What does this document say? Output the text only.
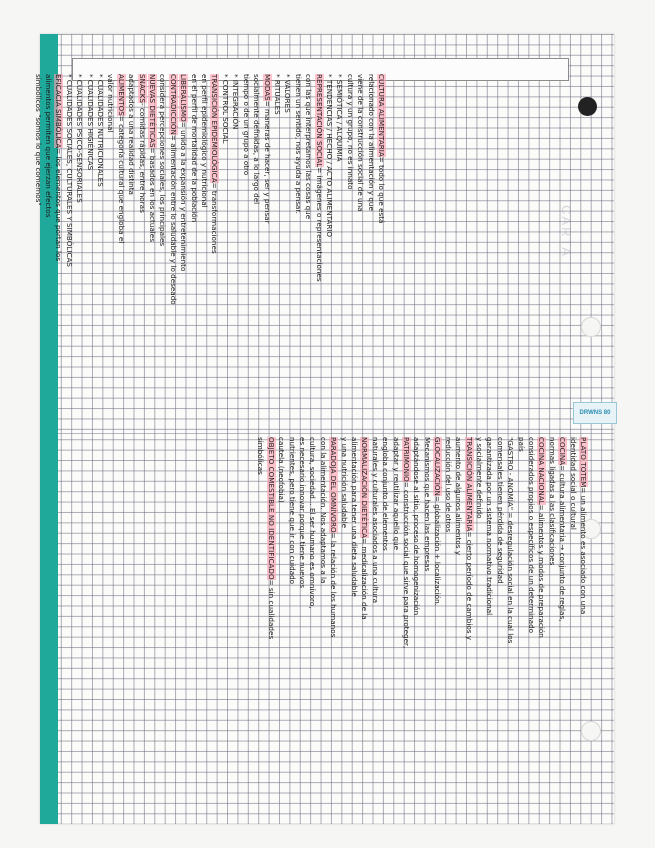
DRWNS 80
CARTA
PLATO TOTEM= un alimento es asociado con una
identidad social o cultural
COCINA= cultura alimentaria → conjunto de reglas,
normas ligadas a las clasificaciones
COCINA NACIONAL= alimentos y modos de preparación
considerados propios o específicos de un determinado
país
"GASTRO - ANOMÍA" = desregulación social en la cual los
comensales tienen pérdida de seguridad
garantizada por un sistema normativo tradicional
y socialmente definido
TRANSICIÓN ALIMENTARIA= cierto período de cambios y
aumento de algunos alimentos y
reducción del uso de otros
GLOCALIZACIÓN= globalización + localización.
Mecanismos que hacen las empresas
adaptándose al sitio, proceso de homogenización
PATRIMONIO= construcción social que sirve para proteger,
adaptar y reutilizar aquello que
engloba conjunto de elementos
naturales y culturales asociados a una cultura
NORMALIZACIÓN DIETÉTICA= medicalización de la
alimentación para tener una dieta saludable
y una nutrición saludable
PARADOJA DEL OMNÍVORO= la relación de los humanos
con la alimentación. Nos adaptamos a la
cultura, sociedad... El ser humano es omnívoro,
es necesario innovar porque tiene nuevos
nutrientes, pero tiene que ir con cuidado
cautela (neofobia)
OBJETO COMESTIBLE NO IDENTIFICADO= sin cualidades
simbólicas
CULTURA ALIMENTARIA= todo lo que está
relacionado con la alimentación y que
viene de la construcción social de una
cultura y un grupo, no es innato
* SEMIÓTICA / ALQUIMIA
* TENDENCIAS / HECHO / ACTO ALIMENTARIO
REPRESENTACIÓN SOCIAL= imágenes o representaciones
con las que interpretamos las cosas que
tienen un sentido, nos ayuda a pensar.
* VALORES
* RITUALES
MODAS= maneras de hacer, ser y pensar
socialmente definidas, a lo largo del
tiempo o de un grupo a otro
* INTEGRACIÓN
* CONTROL SOCIAL
TRANSICIÓN EPIDEMIOLÓGICA= transformaciones
en perfil epidemiológico y nutricional
en el perfil de mortalidad de la población
LIBERALISMO= unido a la expansión y entretenimiento
CONTRADICCIÓN= alimentación entre lo saludable y lo deseado
considera percepciones sociales, los principales
NUEVAS DIETÉTICAS= basados en los actuales
SNACKS- comidas rápidas, entre horas
adaptados a una realidad distinta
ALIMENTOS= categoría cultural que engloba el
valor nutricional
* CUALIDADES NUTRICIONALES
* CUALIDADES HIGIÉNICAS
* CUALIDADES PSICO-SENSORIALES
* CUALIDADES SOCIALES, CULTURALES Y SIMBÓLICAS
EFICACIA SIMBÓLICA= los elementos que portan los
alimentos permiten que ejerzan efectos
simbólicos "somos lo que comemos"
